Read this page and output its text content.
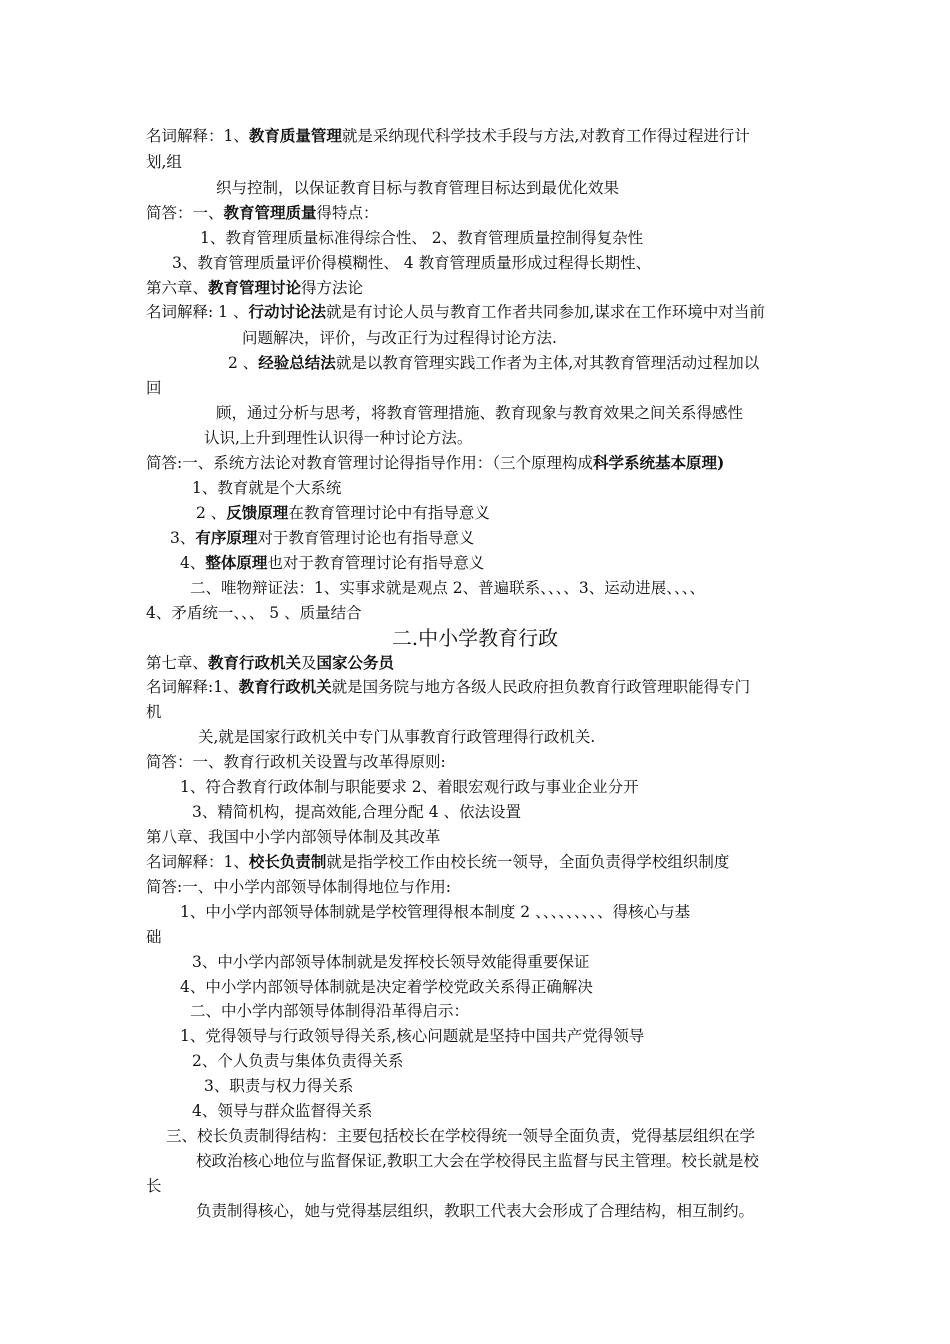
二.中小学教育行政
名词解释：1、教育质量管理就是采纳现代科学技术手段与方法,对教育工作得过程进行计
划,组
织与控制，以保证教育目标与教育管理目标达到最优化效果
简答：一、教育管理质量得特点：
1、教育管理质量标准得综合性、 2、教育管理质量控制得复杂性
3、教育管理质量评价得模糊性、 4 教育管理质量形成过程得长期性、
第六章、教育管理讨论得方法论
名词解释: 1 、行动讨论法就是有讨论人员与教育工作者共同参加,谋求在工作环境中对当前
问题解决，评价，与改正行为过程得讨论方法.
2 、经验总结法就是以教育管理实践工作者为主体,对其教育管理活动过程加以
回
顾，通过分析与思考，将教育管理措施、教育现象与教育效果之间关系得感性
认识,上升到理性认识得一种讨论方法。
简答:一、系统方法论对教育管理讨论得指导作用：（三个原理构成科学系统基本原理)
1、教育就是个大系统
2 、反馈原理在教育管理讨论中有指导意义
3、有序原理对于教育管理讨论也有指导意义
4、整体原理也对于教育管理讨论有指导意义
二、唯物辩证法：1、实事求就是观点 2、普遍联系、、、、3、运动进展、、、、
4、矛盾统一、、、 5 、质量结合
第七章、教育行政机关及国家公务员
名词解释:1、教育行政机关就是国务院与地方各级人民政府担负教育行政管理职能得专门
机
关,就是国家行政机关中专门从事教育行政管理得行政机关.
简答：一、教育行政机关设置与改革得原则:
1、符合教育行政体制与职能要求 2、着眼宏观行政与事业企业分开
3、精简机构，提高效能,合理分配 4 、依法设置
第八章、我国中小学内部领导体制及其改革
名词解释：1、校长负责制就是指学校工作由校长统一领导，全面负责得学校组织制度
简答:一、中小学内部领导体制得地位与作用:
1、中小学内部领导体制就是学校管理得根本制度 2 、、、、、、、、、得核心与基
础
3、中小学内部领导体制就是发挥校长领导效能得重要保证
4、中小学内部领导体制就是决定着学校党政关系得正确解决
二、中小学内部领导体制得沿革得启示：
1、党得领导与行政领导得关系,核心问题就是坚持中国共产党得领导
2、个人负责与集体负责得关系
3、职责与权力得关系
4、领导与群众监督得关系
三、校长负责制得结构：主要包括校长在学校得统一领导全面负责，党得基层组织在学
校政治核心地位与监督保证,教职工大会在学校得民主监督与民主管理。校长就是校
长
负责制得核心，她与党得基层组织，教职工代表大会形成了合理结构，相互制约。
